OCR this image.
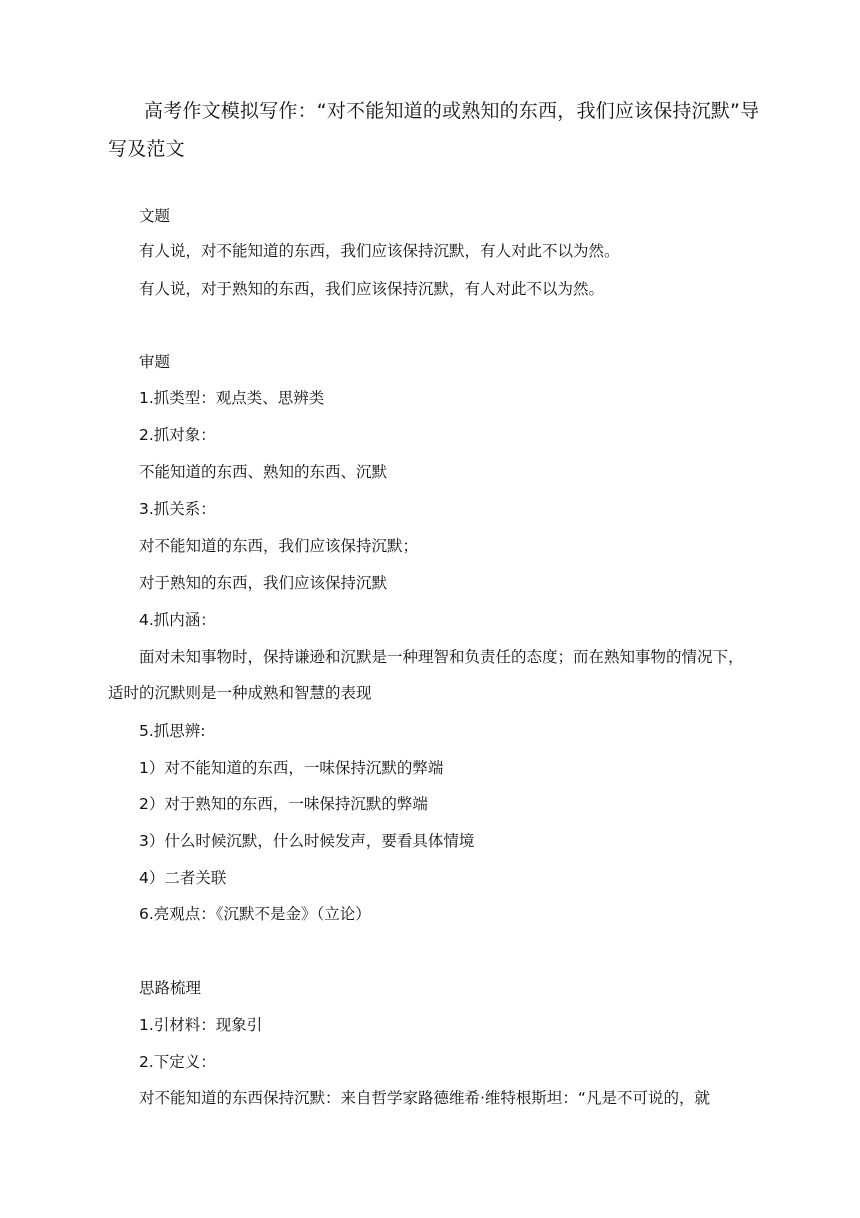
高考作文模拟写作：“对不能知道的或熟知的东西，我们应该保持沉默”导写及范文

文题

有人说，对不能知道的东西，我们应该保持沉默，有人对此不以为然。

有人说，对于熟知的东西，我们应该保持沉默，有人对此不以为然。

审题

1.抓类型：观点类、思辨类

2.抓对象：

不能知道的东西、熟知的东西、沉默

3.抓关系：

对不能知道的东西，我们应该保持沉默；

对于熟知的东西，我们应该保持沉默

4.抓内涵：

面对未知事物时，保持谦逊和沉默是一种理智和负责任的态度；而在熟知事物的情况下，适时的沉默则是一种成熟和智慧的表现

5.抓思辨:

1）对不能知道的东西，一味保持沉默的弊端

2）对于熟知的东西，一味保持沉默的弊端

3）什么时候沉默，什么时候发声，要看具体情境

4）二者关联

6.亮观点：《沉默不是金》（立论）

思路梳理

1.引材料：现象引

2.下定义：

对不能知道的东西保持沉默：来自哲学家路德维希·维特根斯坦：“凡是不可说的，就
